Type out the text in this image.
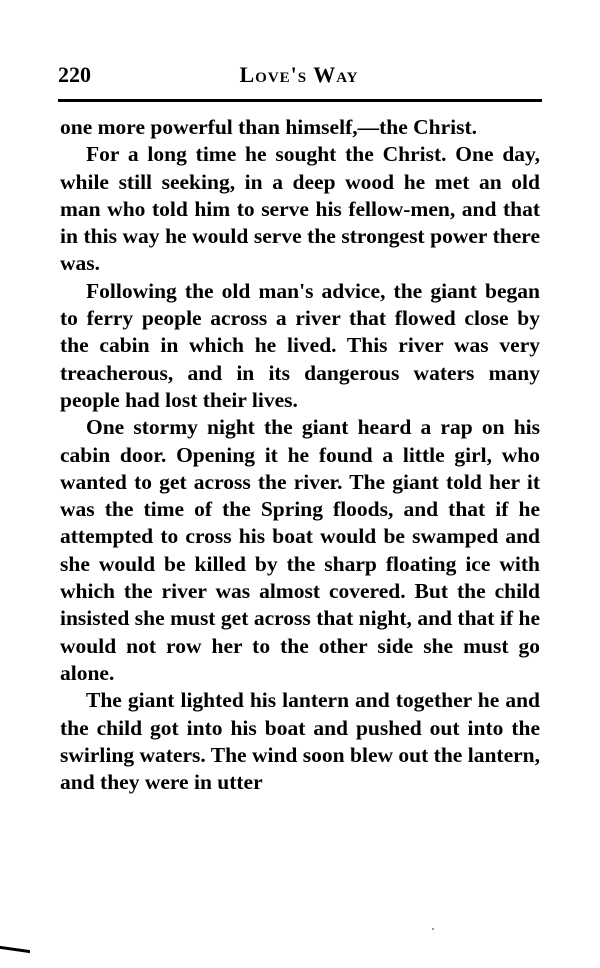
220	Love's Way

one more powerful than himself,—the Christ.

For a long time he sought the Christ. One day, while still seeking, in a deep wood he met an old man who told him to serve his fellow-men, and that in this way he would serve the strongest power there was.

Following the old man's advice, the giant began to ferry people across a river that flowed close by the cabin in which he lived. This river was very treacherous, and in its dangerous waters many people had lost their lives.

One stormy night the giant heard a rap on his cabin door. Opening it he found a little girl, who wanted to get across the river. The giant told her it was the time of the Spring floods, and that if he attempted to cross his boat would be swamped and she would be killed by the sharp floating ice with which the river was almost covered. But the child insisted she must get across that night, and that if he would not row her to the other side she must go alone.

The giant lighted his lantern and together he and the child got into his boat and pushed out into the swirling waters. The wind soon blew out the lantern, and they were in utter
